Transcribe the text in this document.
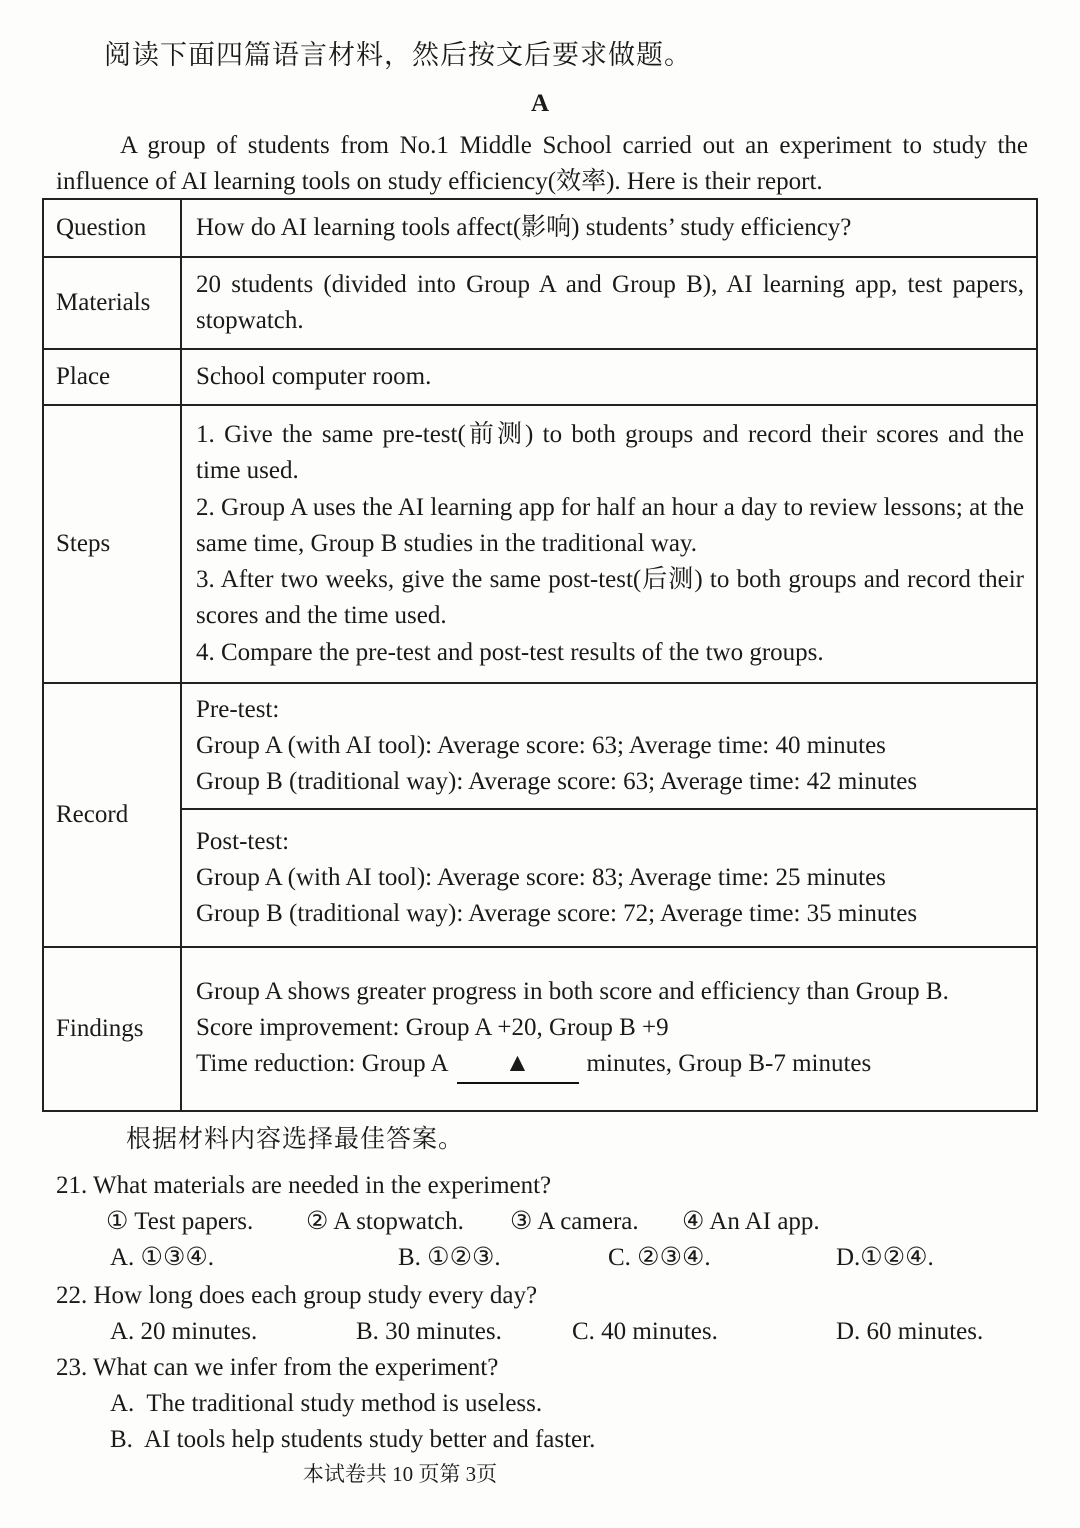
阅读下面四篇语言材料，然后按文后要求做题。
A
A group of students from No.1 Middle School carried out an experiment to study the influence of AI learning tools on study efficiency(效率). Here is their report.
Question	How do AI learning tools affect(影响) students’ study efficiency?
Materials	20 students (divided into Group A and Group B), AI learning app, test papers, stopwatch.
Place	School computer room.
Steps	1. Give the same pre-test(前测) to both groups and record their scores and the time used.
2. Group A uses the AI learning app for half an hour a day to review lessons; at the same time, Group B studies in the traditional way.
3. After two weeks, give the same post-test(后测) to both groups and record their scores and the time used.
4. Compare the pre-test and post-test results of the two groups.

Record	Pre-test:
Group A (with AI tool): Average score: 63; Average time: 40 minutes
Group B (traditional way): Average score: 63; Average time: 42 minutes

	Post-test:
Group A (with AI tool): Average score: 83; Average time: 25 minutes
Group B (traditional way): Average score: 72; Average time: 35 minutes

Findings	Group A shows greater progress in both score and efficiency than Group B.
Score improvement: Group A +20, Group B +9
Time reduction: Group A ▲ minutes, Group B-7 minutes
根据材料内容选择最佳答案。
21. What materials are needed in the experiment?
① Test papers. ② A stopwatch. ③ A camera. ④ An AI app.
A. ①③④.	B. ①②③.	C. ②③④.	D.①②④.
22. How long does each group study every day?
A. 20 minutes.	B. 30 minutes.	C. 40 minutes.	D. 60 minutes.
23. What can we infer from the experiment?
A.  The traditional study method is useless.
B.  AI tools help students study better and faster.
本试卷共 10 页第 3页
